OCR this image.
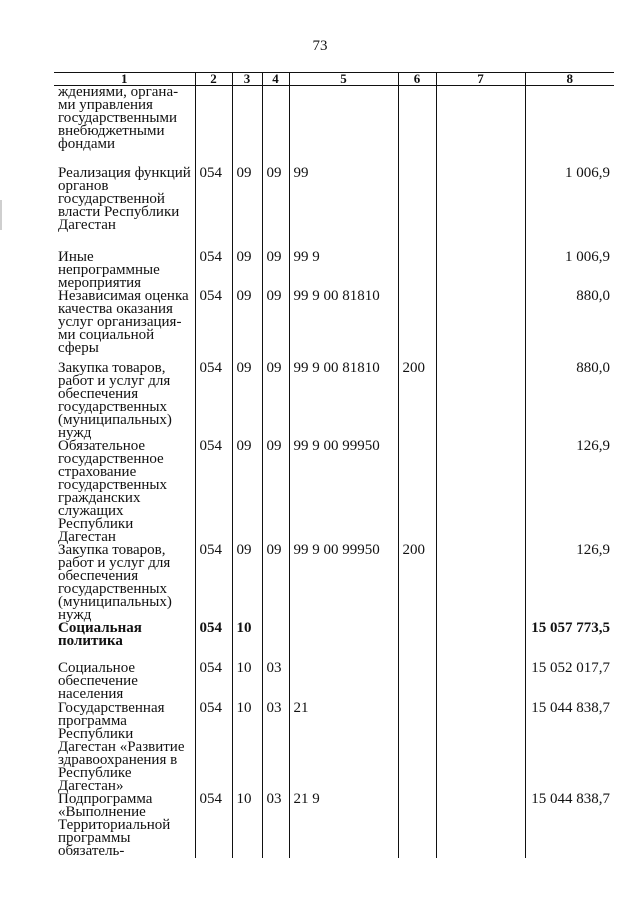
73
1	2	3	4	5	6	7	8
ждениями, органа-ми управления государственными внебюджетными фондами							
Реализация функций органов государственной власти Республики Дагестан	054	09	09	99			1 006,9
Иные непрограммные мероприятия	054	09	09	99 9			1 006,9
Независимая оценка качества оказания услуг организация-ми социальной сферы	054	09	09	99 9 00 81810			880,0
Закупка товаров, работ и услуг для обеспечения государственных (муниципальных) нужд	054	09	09	99 9 00 81810	200		880,0
Обязательное государственное страхование государственных гражданских служащих Республики Дагестан	054	09	09	99 9 00 99950			126,9
Закупка товаров, работ и услуг для обеспечения государственных (муниципальных) нужд	054	09	09	99 9 00 99950	200		126,9
Социальная политика	054	10					15 057 773,5
Социальное обеспечение населения	054	10	03				15 052 017,7
Государственная программа Республики Дагестан «Развитие здравоохранения в Республике Дагестан»	054	10	03	21			15 044 838,7
Подпрограмма «Выполнение Территориальной программы обязатель-	054	10	03	21 9			15 044 838,7
